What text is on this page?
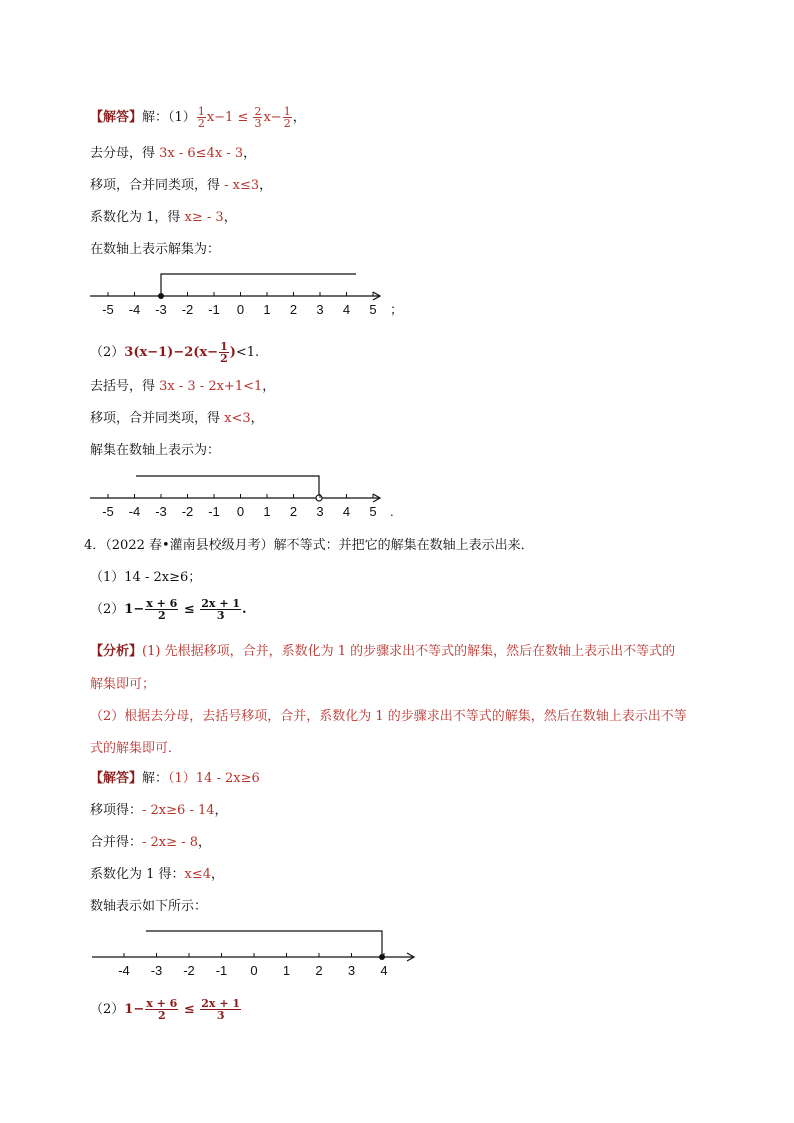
【解答】解：$(1) \frac{1}{2} x-1 \le \frac{2}{3} x- \frac{1}{2}$ ，
去分母，得 3x - 6≤4x - 3，
移项，合并同类项，得 - x≤3，
系数化为 1，得 x≥ - 3，
在数轴上表示解集为：
-5 -4 -3 -2 -1 0 1 2 3 4 5 ；
$(2)3(x-1)-2(x- \frac{1}{2} )<1$.
去括号，得 3x - 3 - 2x+1<1，
移项，合并同类项，得 x<3，
解集在数轴上表示为：
-5 -4 -3 -2 -1 0 1 2 3 4 5 .
4．（2022 春•灌南县校级月考）解不等式：并把它的解集在数轴上表示出来．
（1）14 - 2x≥6；
$(2)1- \frac{x + 6}{2} \le \frac{2x + 1}{3}$ .
【分析】(1) 先根据移项，合并，系数化为 1 的步骤求出不等式的解集，然后在数轴上表示出不等式的
解集即可；
（2）根据去分母，去括号移项，合并，系数化为 1 的步骤求出不等式的解集，然后在数轴上表示出不等
式的解集即可．
【解答】解：（1）14 - 2x≥6
移项得：- 2x≥6 - 14，
合并得：- 2x≥ - 8，
系数化为 1 得：x≤4，
数轴表示如下所示：
-4 -3 -2 -1 0 1 2 3 4
$(2)1- \frac{x + 6}{2} \le \frac{2x + 1}{3}$
